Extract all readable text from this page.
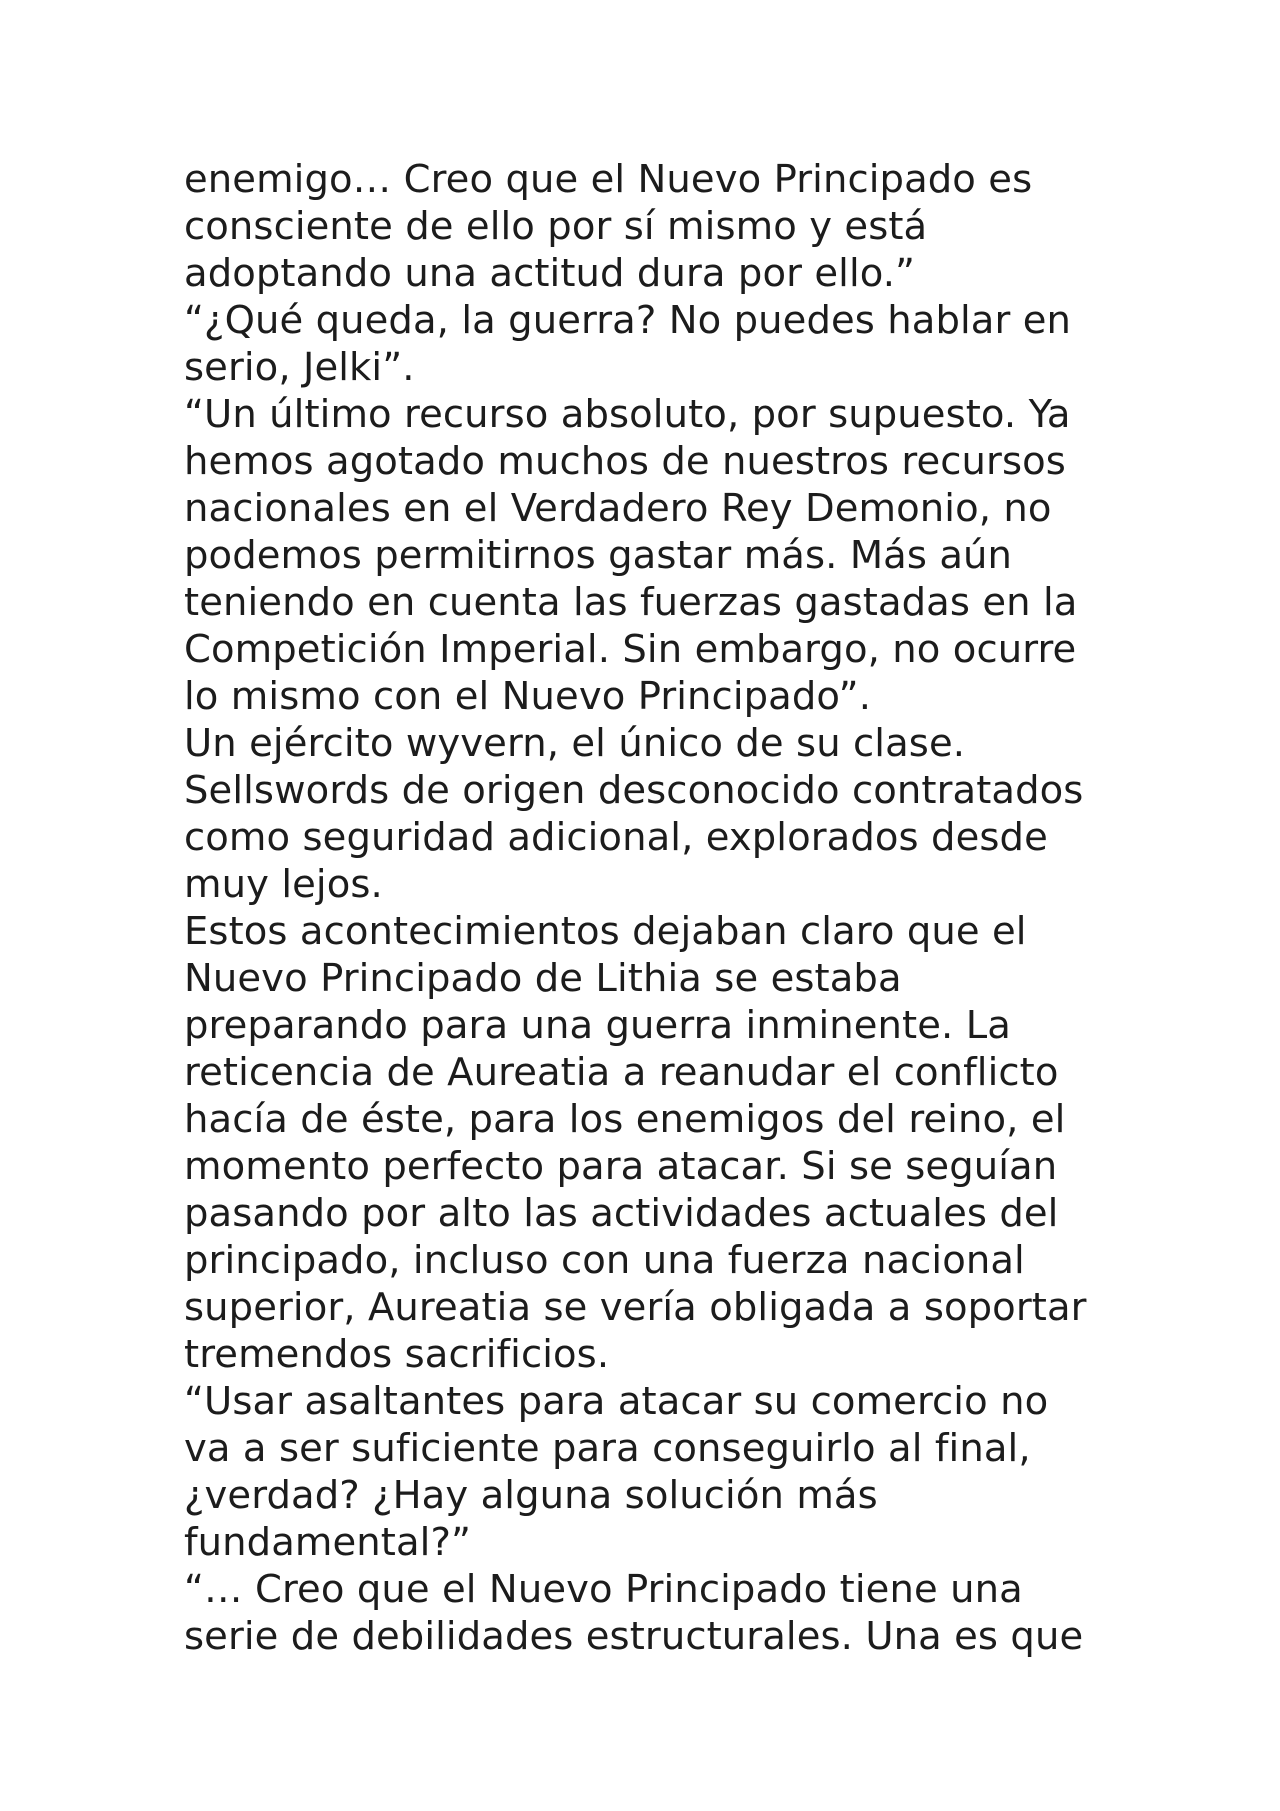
enemigo… Creo que el Nuevo Principado es
consciente de ello por sí mismo y está
adoptando una actitud dura por ello.”
“¿Qué queda, la guerra? No puedes hablar en
serio, Jelki”.
“Un último recurso absoluto, por supuesto. Ya
hemos agotado muchos de nuestros recursos
nacionales en el Verdadero Rey Demonio, no
podemos permitirnos gastar más. Más aún
teniendo en cuenta las fuerzas gastadas en la
Competición Imperial. Sin embargo, no ocurre
lo mismo con el Nuevo Principado”.
Un ejército wyvern, el único de su clase.
Sellswords de origen desconocido contratados
como seguridad adicional, explorados desde
muy lejos.
Estos acontecimientos dejaban claro que el
Nuevo Principado de Lithia se estaba
preparando para una guerra inminente. La
reticencia de Aureatia a reanudar el conflicto
hacía de éste, para los enemigos del reino, el
momento perfecto para atacar. Si se seguían
pasando por alto las actividades actuales del
principado, incluso con una fuerza nacional
superior, Aureatia se vería obligada a soportar
tremendos sacrificios.
“Usar asaltantes para atacar su comercio no
va a ser suficiente para conseguirlo al final,
¿verdad? ¿Hay alguna solución más
fundamental?”
“… Creo que el Nuevo Principado tiene una
serie de debilidades estructurales. Una es que
